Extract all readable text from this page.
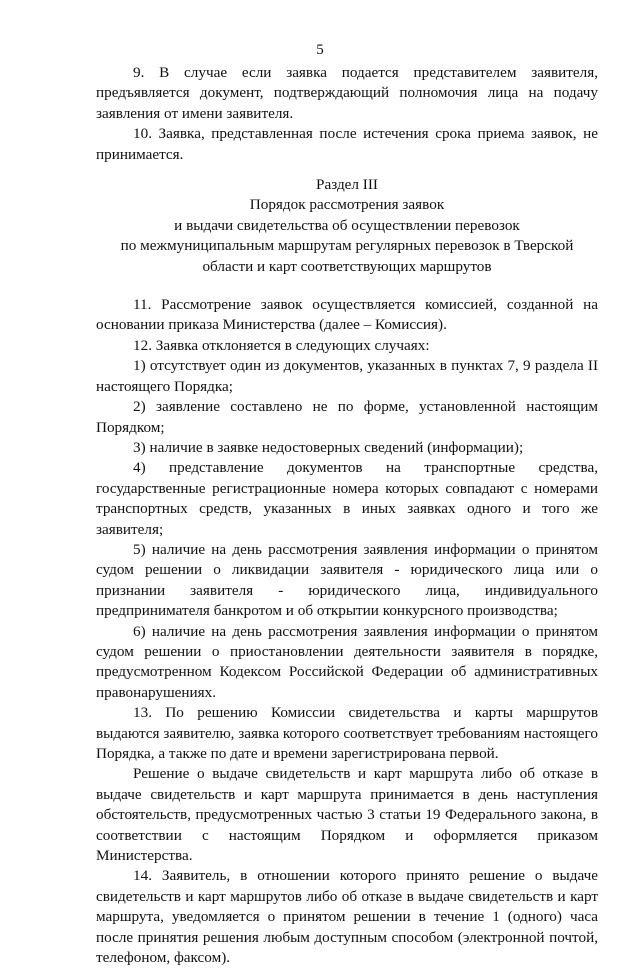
5

9. В случае если заявка подается представителем заявителя, предъявляется документ, подтверждающий полномочия лица на подачу заявления от имени заявителя.

10. Заявка, представленная после истечения срока приема заявок, не принимается.

Раздел III
Порядок рассмотрения заявок
и выдачи свидетельства об осуществлении перевозок
по межмуниципальным маршрутам регулярных перевозок в Тверской
области и карт соответствующих маршрутов

11. Рассмотрение заявок осуществляется комиссией, созданной на основании приказа Министерства (далее – Комиссия).

12. Заявка отклоняется в следующих случаях:

1) отсутствует один из документов, указанных в пунктах 7, 9 раздела II настоящего Порядка;

2) заявление составлено не по форме, установленной настоящим Порядком;

3) наличие в заявке недостоверных сведений (информации);

4) представление документов на транспортные средства, государственные регистрационные номера которых совпадают с номерами транспортных средств, указанных в иных заявках одного и того же заявителя;

5) наличие на день рассмотрения заявления информации о принятом судом решении о ликвидации заявителя - юридического лица или о признании заявителя - юридического лица, индивидуального предпринимателя банкротом и об открытии конкурсного производства;

6) наличие на день рассмотрения заявления информации о принятом судом решении о приостановлении деятельности заявителя в порядке, предусмотренном Кодексом Российской Федерации об административных правонарушениях.

13. По решению Комиссии свидетельства и карты маршрутов выдаются заявителю, заявка которого соответствует требованиям настоящего Порядка, а также по дате и времени зарегистрирована первой.

Решение о выдаче свидетельств и карт маршрута либо об отказе в выдаче свидетельств и карт маршрута принимается в день наступления обстоятельств, предусмотренных частью 3 статьи 19 Федерального закона, в соответствии с настоящим Порядком и оформляется приказом Министерства.

14. Заявитель, в отношении которого принято решение о выдаче свидетельств и карт маршрутов либо об отказе в выдаче свидетельств и карт маршрута, уведомляется о принятом решении в течение 1 (одного) часа после принятия решения любым доступным способом (электронной почтой, телефоном, факсом).
